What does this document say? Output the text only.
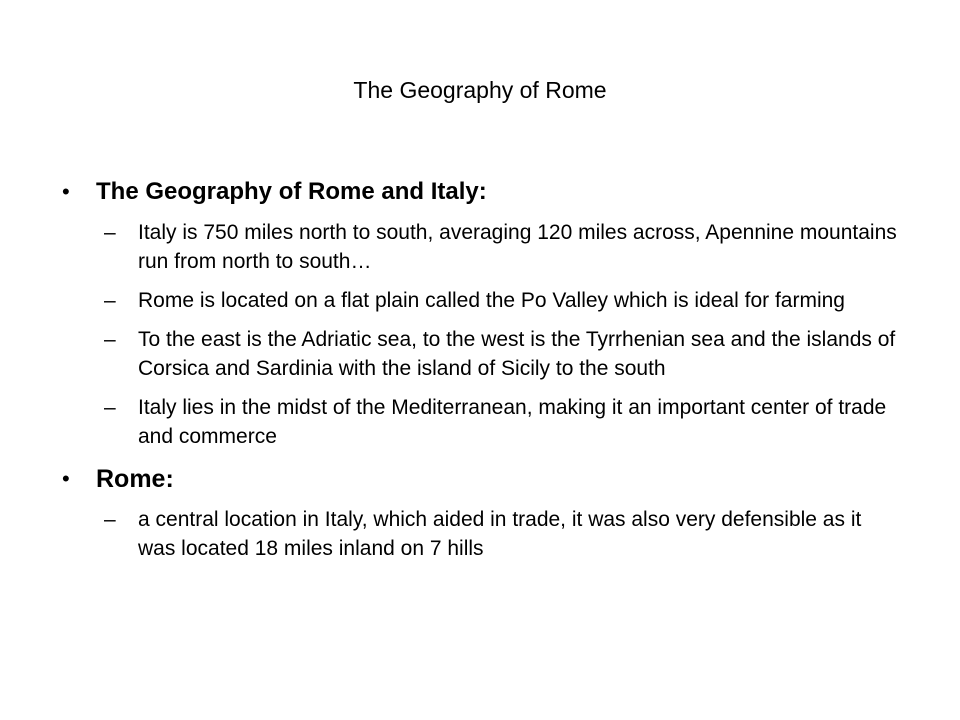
The Geography of Rome
• The Geography of Rome and Italy:
– Italy is 750 miles north to south, averaging 120 miles across, Apennine mountains run from north to south…
– Rome is located on a flat plain called the Po Valley which is ideal for farming
– To the east is the Adriatic sea, to the west is the Tyrrhenian sea and the islands of Corsica and Sardinia with the island of Sicily to the south
– Italy lies in the midst of the Mediterranean, making it an important center of trade and commerce
• Rome:
– a central location in Italy, which aided in trade, it was also very defensible as it was located 18 miles inland on 7 hills
